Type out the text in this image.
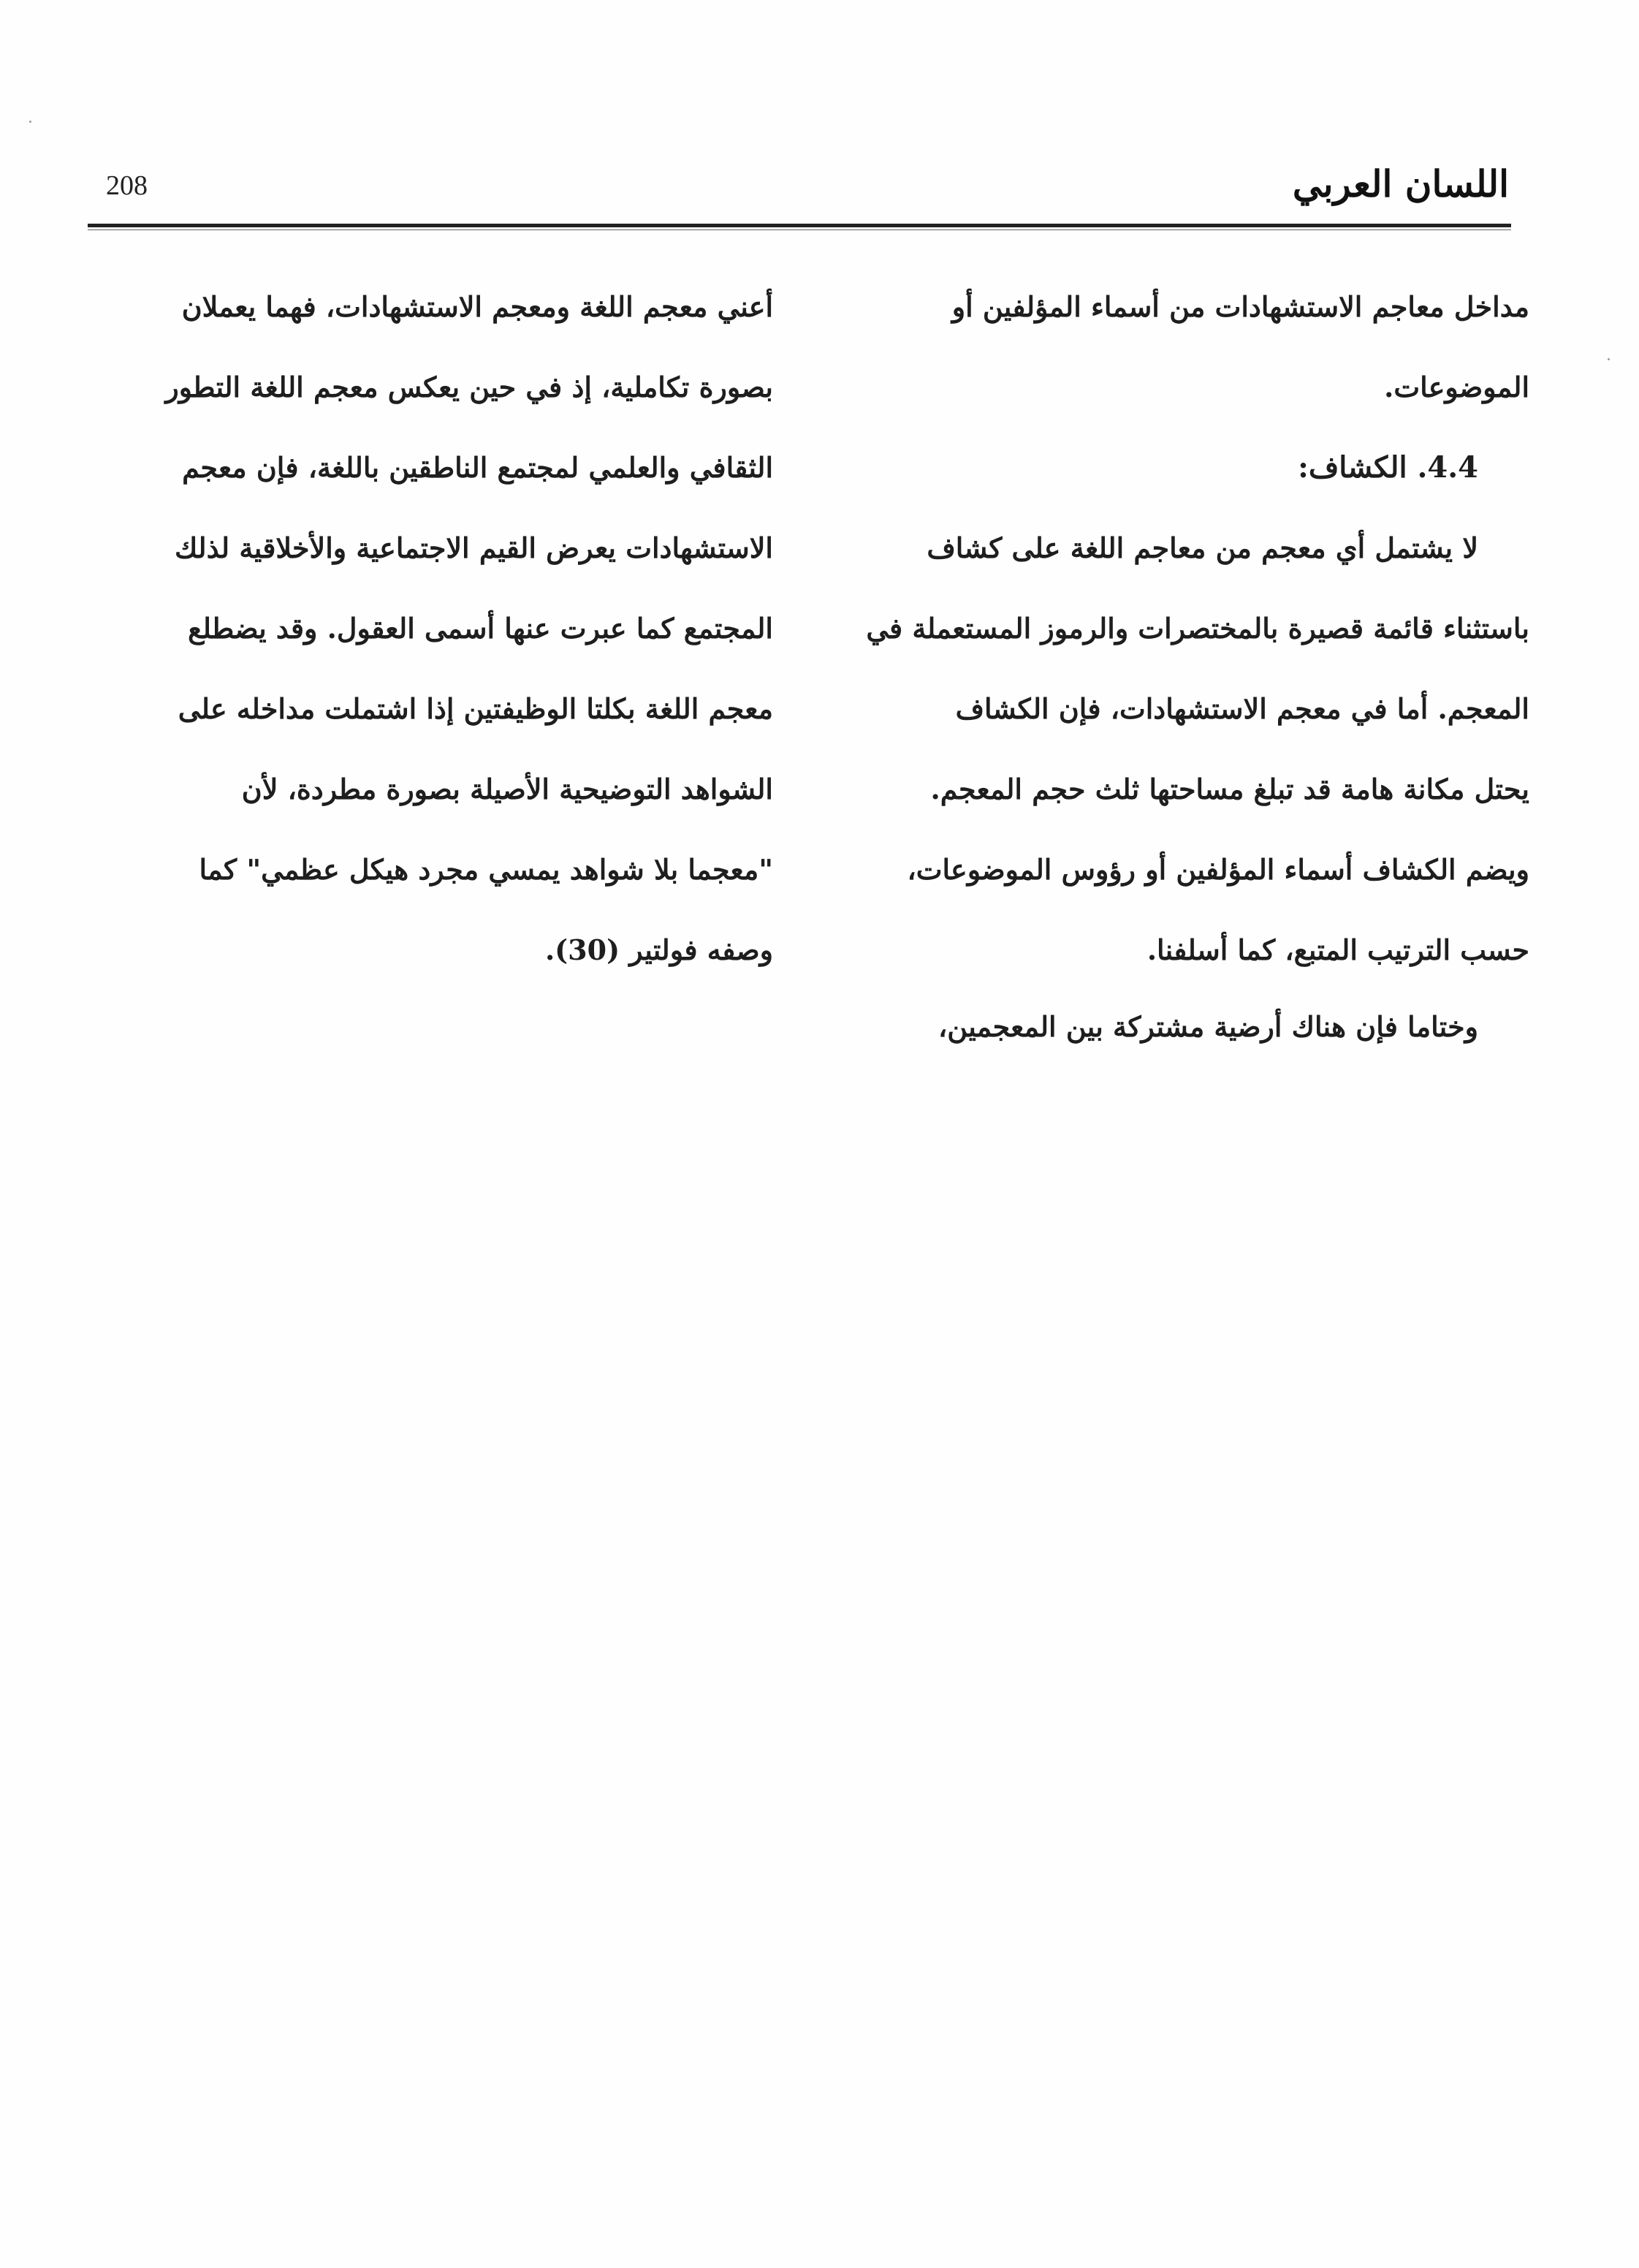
208	اللسان العربي
مداخل معاجم الاستشهادات من أسماء المؤلفين أو
الموضوعات.
4.4. الكشاف:
لا يشتمل أي معجم من معاجم اللغة على كشاف
باستثناء قائمة قصيرة بالمختصرات والرموز المستعملة في
المعجم. أما في معجم الاستشهادات، فإن الكشاف
يحتل مكانة هامة قد تبلغ مساحتها ثلث حجم المعجم.
ويضم الكشاف أسماء المؤلفين أو رؤوس الموضوعات،
حسب الترتيب المتبع، كما أسلفنا.
وختاما فإن هناك أرضية مشتركة بين المعجمين،
أعني معجم اللغة ومعجم الاستشهادات، فهما يعملان
بصورة تكاملية، إذ في حين يعكس معجم اللغة التطور
الثقافي والعلمي لمجتمع الناطقين باللغة، فإن معجم
الاستشهادات يعرض القيم الاجتماعية والأخلاقية لذلك
المجتمع كما عبرت عنها أسمى العقول. وقد يضطلع
معجم اللغة بكلتا الوظيفتين إذا اشتملت مداخله على
الشواهد التوضيحية الأصيلة بصورة مطردة، لأن
"معجما بلا شواهد يمسي مجرد هيكل عظمي" كما
وصفه فولتير (30).
